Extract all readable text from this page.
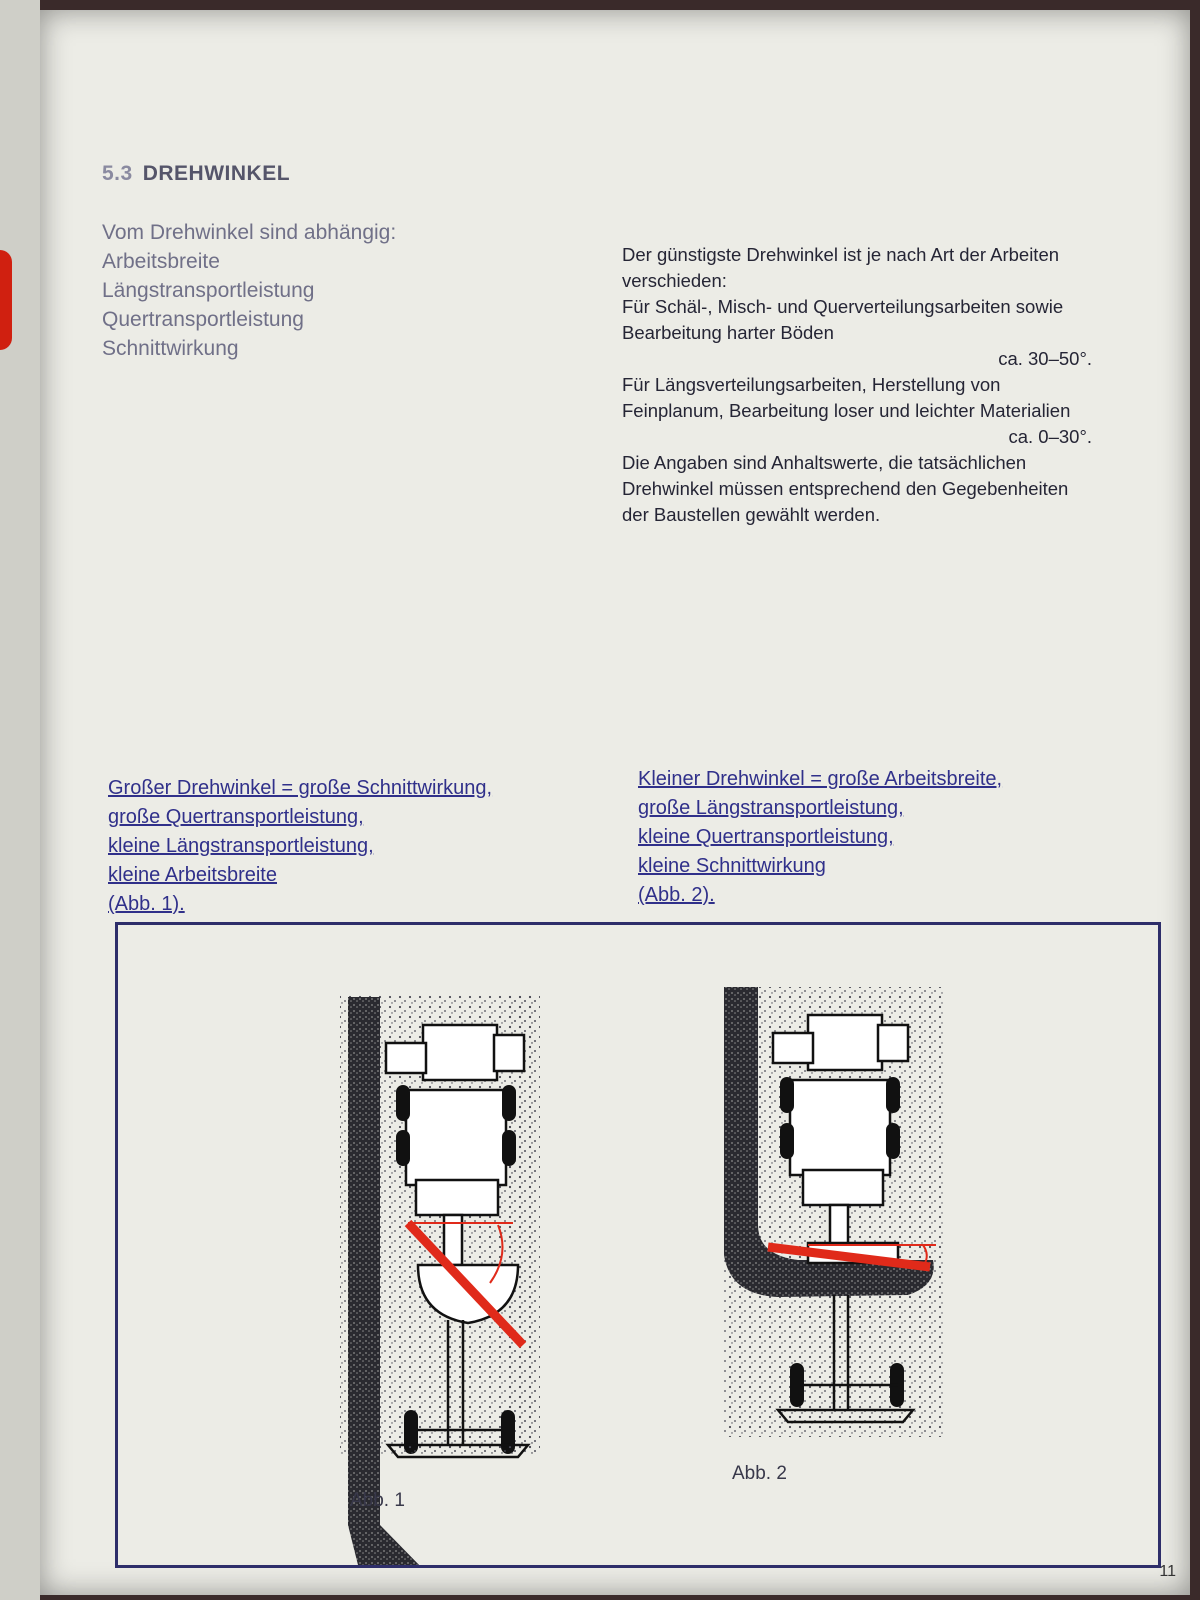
5.3 DREHWINKEL
Vom Drehwinkel sind abhängig:
Arbeitsbreite
Längstransportleistung
Quertransportleistung
Schnittwirkung
Der günstigste Drehwinkel ist je nach Art der Arbeiten verschieden:
Für Schäl-, Misch- und Querverteilungsarbeiten sowie Bearbeitung harter Böden
ca. 30–50°.
Für Längsverteilungsarbeiten, Herstellung von Feinplanum, Bearbeitung loser und leichter Materialien
ca. 0–30°.
Die Angaben sind Anhaltswerte, die tatsächlichen Drehwinkel müssen entsprechend den Gegebenheiten der Baustellen gewählt werden.
Großer Drehwinkel = große Schnittwirkung,
große Quertransportleistung,
kleine Längstransportleistung,
kleine Arbeitsbreite
(Abb. 1).
Kleiner Drehwinkel = große Arbeitsbreite,
große Längstransportleistung,
kleine Quertransportleistung,
kleine Schnittwirkung
(Abb. 2).
Abb. 1
Abb. 2
11
